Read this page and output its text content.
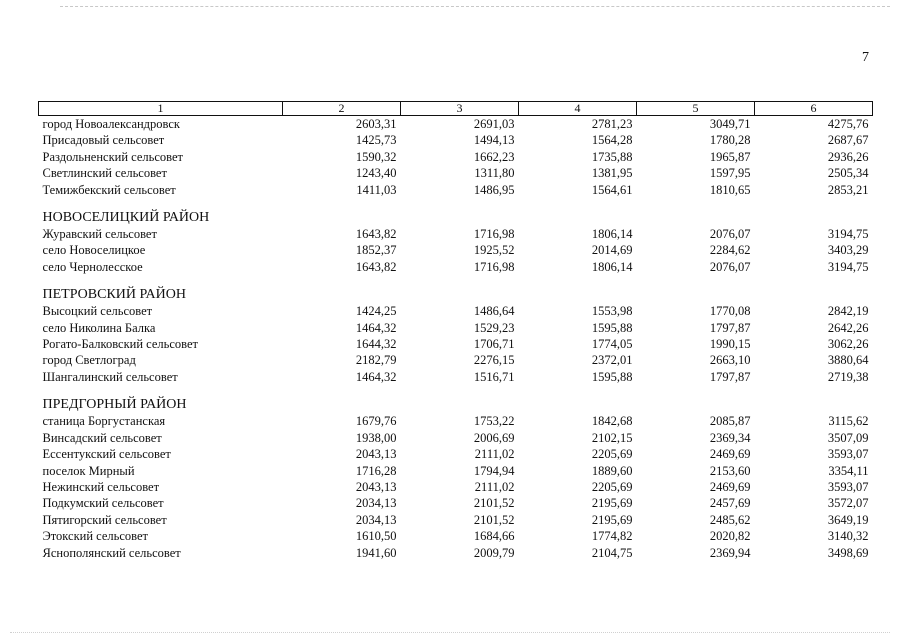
7
1	2	3	4	5	6
город Новоалександровск	2603,31	2691,03	2781,23	3049,71	4275,76
Присадовый сельсовет	1425,73	1494,13	1564,28	1780,28	2687,67
Раздольненский сельсовет	1590,32	1662,23	1735,88	1965,87	2936,26
Светлинский сельсовет	1243,40	1311,80	1381,95	1597,95	2505,34
Темижбекский сельсовет	1411,03	1486,95	1564,61	1810,65	2853,21
НОВОСЕЛИЦКИЙ РАЙОН					
Журавский сельсовет	1643,82	1716,98	1806,14	2076,07	3194,75
село Новоселицкое	1852,37	1925,52	2014,69	2284,62	3403,29
село Чернолесское	1643,82	1716,98	1806,14	2076,07	3194,75
ПЕТРОВСКИЙ РАЙОН					
Высоцкий сельсовет	1424,25	1486,64	1553,98	1770,08	2842,19
село Николина Балка	1464,32	1529,23	1595,88	1797,87	2642,26
Рогато-Балковский сельсовет	1644,32	1706,71	1774,05	1990,15	3062,26
город Светлоград	2182,79	2276,15	2372,01	2663,10	3880,64
Шангалинский сельсовет	1464,32	1516,71	1595,88	1797,87	2719,38
ПРЕДГОРНЫЙ РАЙОН					
станица Боргустанская	1679,76	1753,22	1842,68	2085,87	3115,62
Винсадский сельсовет	1938,00	2006,69	2102,15	2369,34	3507,09
Ессентукский сельсовет	2043,13	2111,02	2205,69	2469,69	3593,07
поселок Мирный	1716,28	1794,94	1889,60	2153,60	3354,11
Нежинский сельсовет	2043,13	2111,02	2205,69	2469,69	3593,07
Подкумский сельсовет	2034,13	2101,52	2195,69	2457,69	3572,07
Пятигорский сельсовет	2034,13	2101,52	2195,69	2485,62	3649,19
Этокский сельсовет	1610,50	1684,66	1774,82	2020,82	3140,32
Яснополянский сельсовет	1941,60	2009,79	2104,75	2369,94	3498,69
